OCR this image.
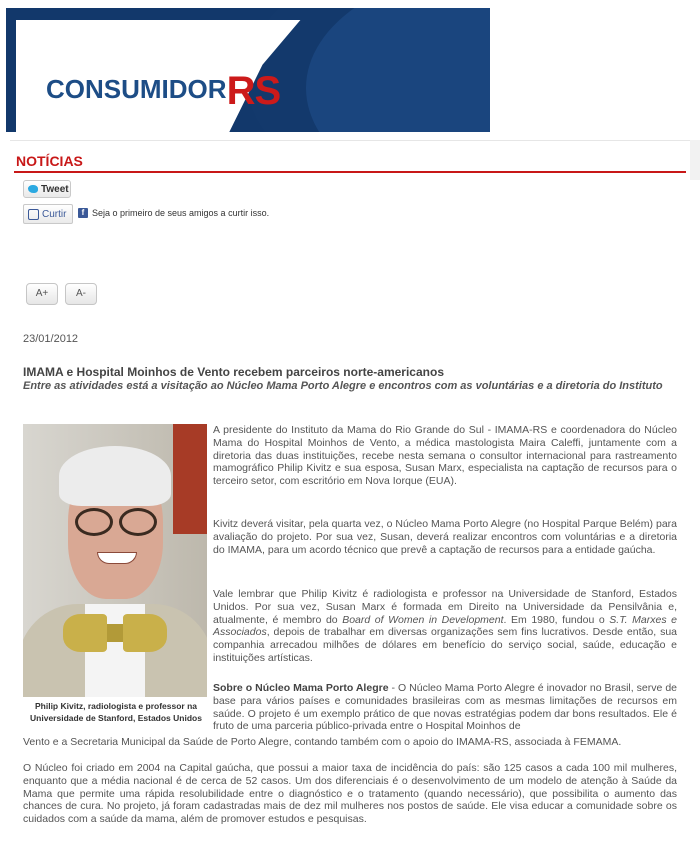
CONSUMIDORRS
NOTÍCIAS
Tweet
Curtir	f Seja o primeiro de seus amigos a curtir isso.
A+	A-
23/01/2012
IMAMA e Hospital Moinhos de Vento recebem parceiros norte-americanos
Entre as atividades está a visitação ao Núcleo Mama Porto Alegre e encontros com as voluntárias e a diretoria do Instituto
Philip Kivitz, radiologista e professor na Universidade de Stanford, Estados Unidos

A presidente do Instituto da Mama do Rio Grande do Sul - IMAMA-RS e coordenadora do Núcleo Mama do Hospital Moinhos de Vento, a médica mastologista Maira Caleffi, juntamente com a diretoria das duas instituições, recebe nesta semana o consultor internacional para rastreamento mamográfico Philip Kivitz e sua esposa, Susan Marx, especialista na captação de recursos para o terceiro setor, com escritório em Nova Iorque (EUA).

Kivitz deverá visitar, pela quarta vez, o Núcleo Mama Porto Alegre (no Hospital Parque Belém) para avaliação do projeto. Por sua vez, Susan, deverá realizar encontros com voluntárias e a diretoria do IMAMA, para um acordo técnico que prevê a captação de recursos para a entidade gaúcha.

Vale lembrar que Philip Kivitz é radiologista e professor na Universidade de Stanford, Estados Unidos. Por sua vez, Susan Marx é formada em Direito na Universidade da Pensilvânia e, atualmente, é membro do Board of Women in Development. Em 1980, fundou o S.T. Marxes e Associados, depois de trabalhar em diversas organizações sem fins lucrativos. Desde então, sua companhia arrecadou milhões de dólares em benefício do serviço social, saúde, educação e instituições artísticas.

Sobre o Núcleo Mama Porto Alegre - O Núcleo Mama Porto Alegre é inovador no Brasil, serve de base para vários países e comunidades brasileiras com as mesmas limitações de recursos em saúde. O projeto é um exemplo prático de que novas estratégias podem dar bons resultados. Ele é fruto de uma parceria público-privada entre o Hospital Moinhos de

Vento e a Secretaria Municipal da Saúde de Porto Alegre, contando também com o apoio do IMAMA-RS, associada à FEMAMA.

O Núcleo foi criado em 2004 na Capital gaúcha, que possui a maior taxa de incidência do país: são 125 casos a cada 100 mil mulheres, enquanto que a média nacional é de cerca de 52 casos. Um dos diferenciais é o desenvolvimento de um modelo de atenção à Saúde da Mama que permite uma rápida resolubilidade entre o diagnóstico e o tratamento (quando necessário), que possibilita o aumento das chances de cura. No projeto, já foram cadastradas mais de dez mil mulheres nos postos de saúde. Ele visa educar a comunidade sobre os cuidados com a saúde da mama, além de promover estudos e pesquisas.
